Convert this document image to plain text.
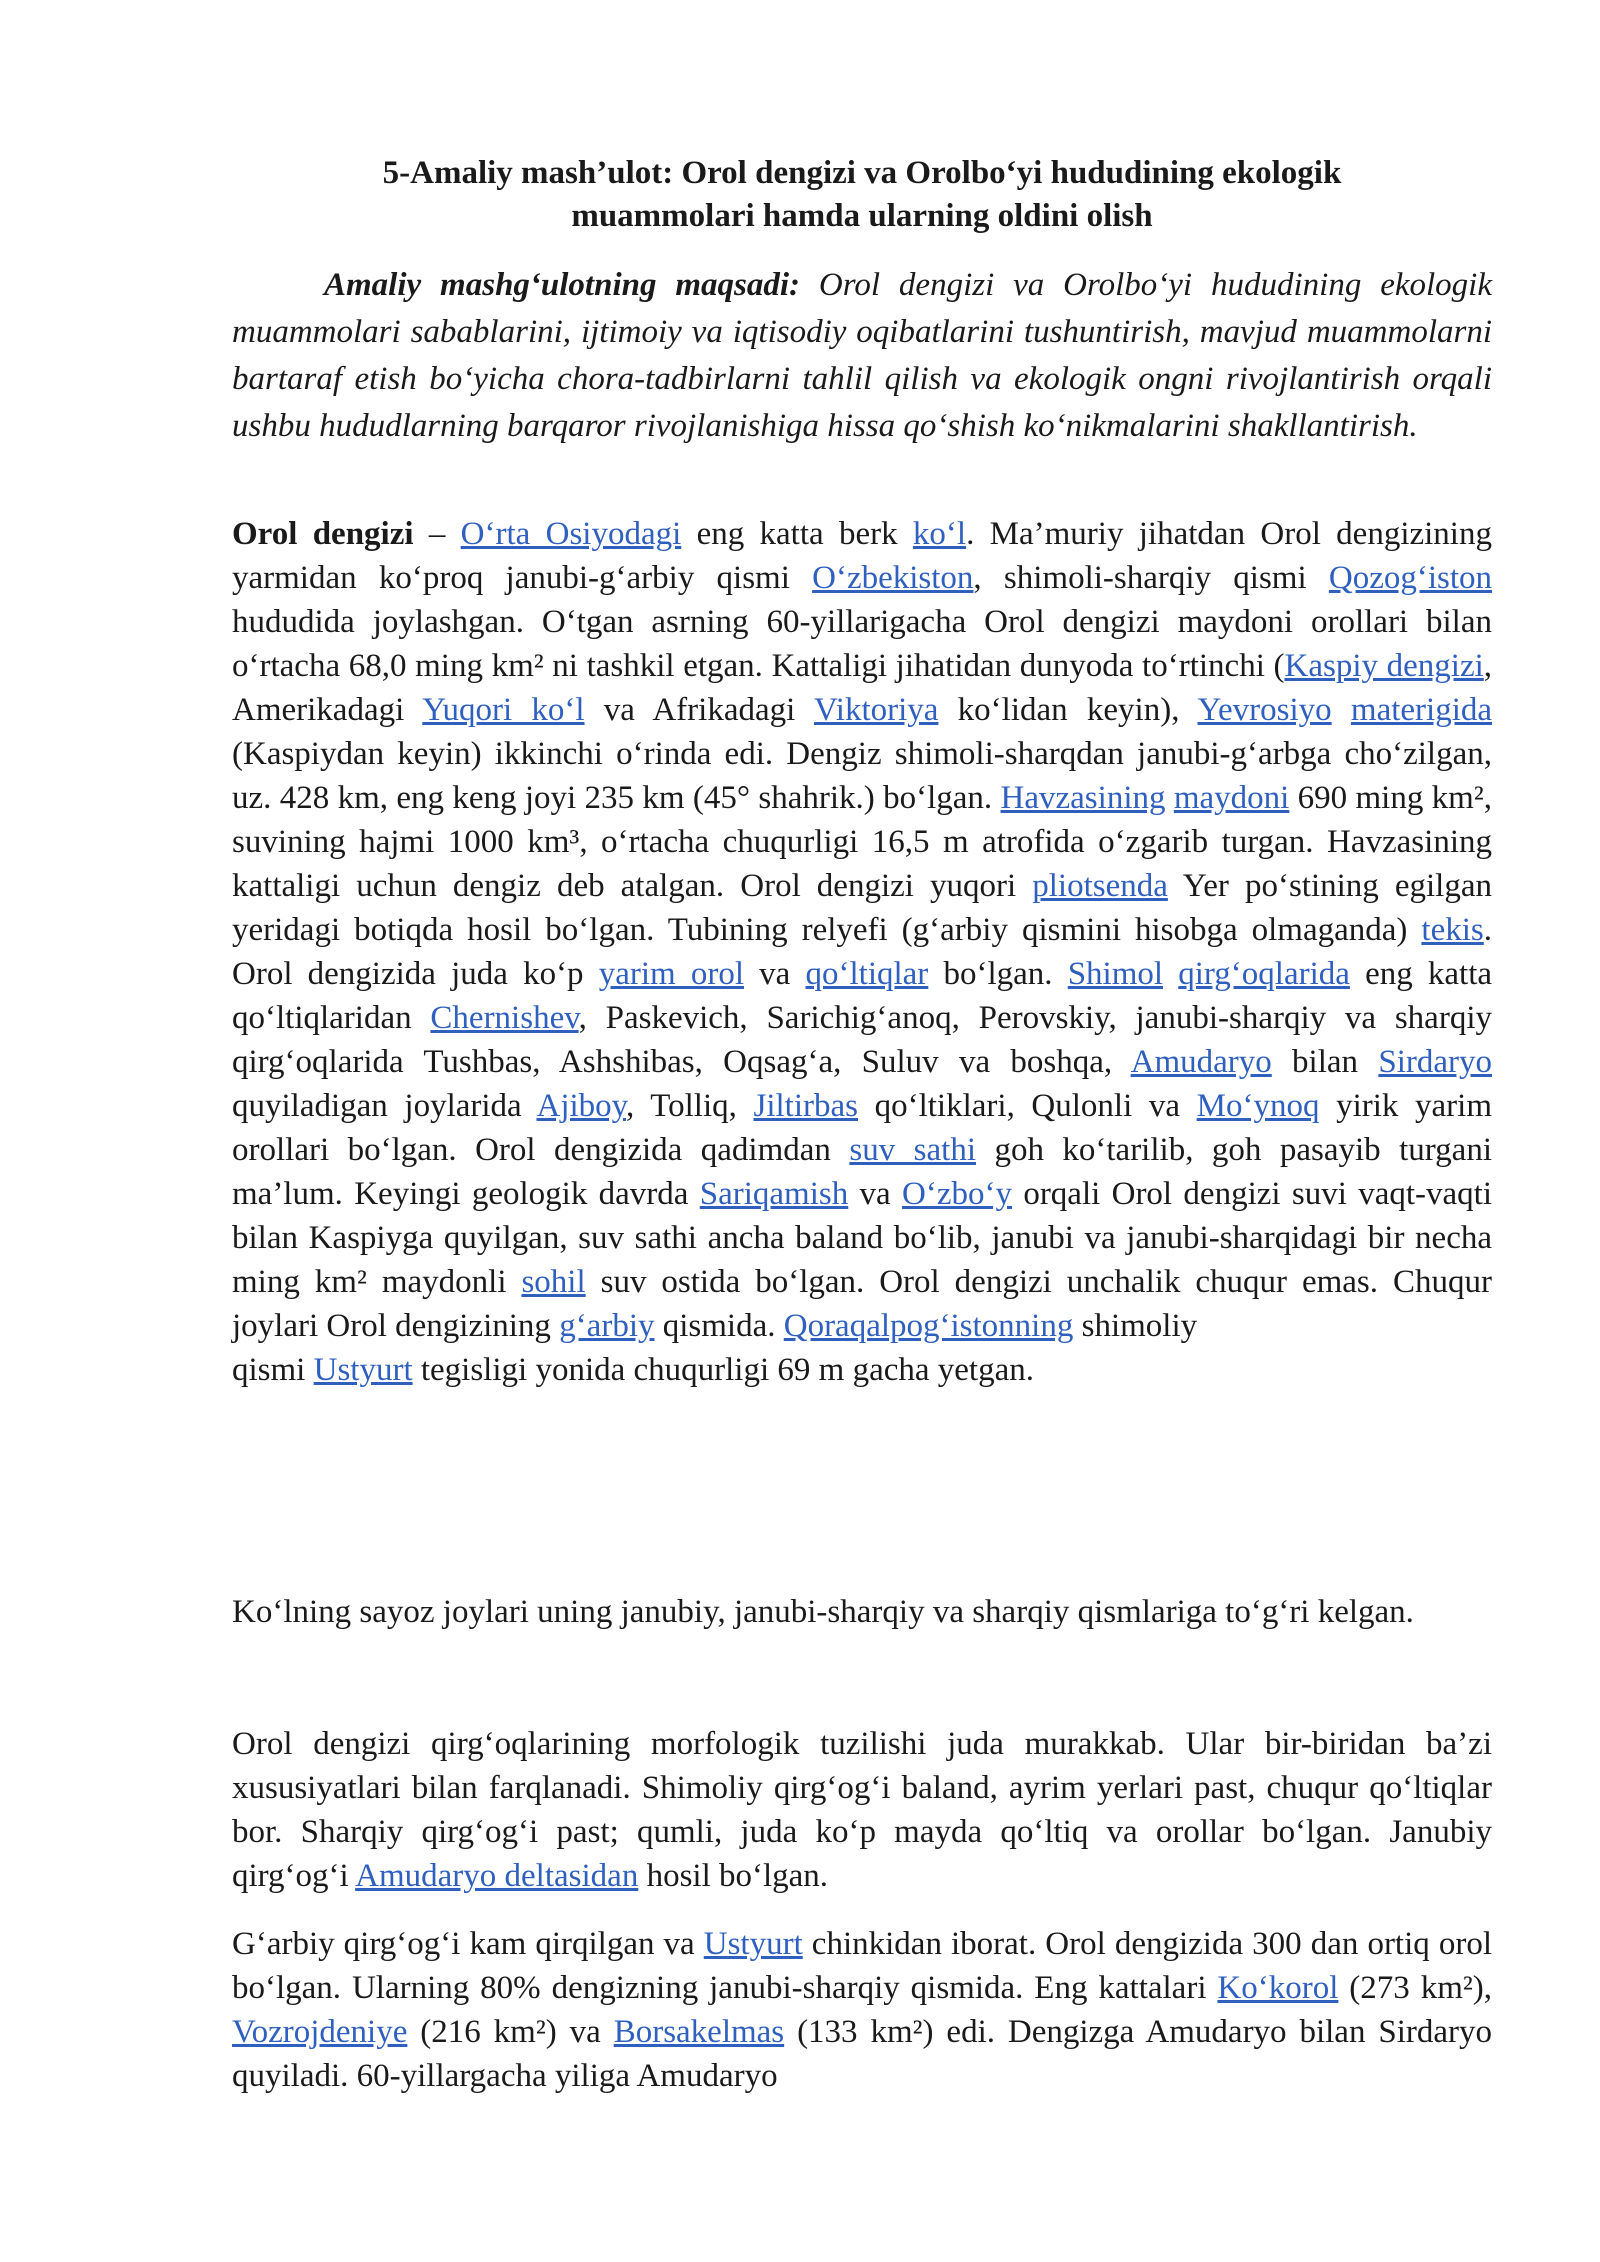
5-Amaliy mash’ulot: Orol dengizi va Orolbo‘yi hududining ekologik
muammolari hamda ularning oldini olish

Amaliy mashg‘ulotning maqsadi: Orol dengizi va Orolbo‘yi hududining ekologik muammolari sabablarini, ijtimoiy va iqtisodiy oqibatlarini tushuntirish, mavjud muammolarni bartaraf etish bo‘yicha chora-tadbirlarni tahlil qilish va ekologik ongni rivojlantirish orqali ushbu hududlarning barqaror rivojlanishiga hissa qo‘shish ko‘nikmalarini shakllantirish.

Orol dengizi – O‘rta Osiyodagi eng katta berk ko‘l. Ma’muriy jihatdan Orol dengizining yarmidan ko‘proq janubi-g‘arbiy qismi O‘zbekiston, shimoli-sharqiy qismi Qozog‘iston hududida joylashgan. O‘tgan asrning 60-yillarigacha Orol dengizi maydoni orollari bilan o‘rtacha 68,0 ming km² ni tashkil etgan. Kattaligi jihatidan dunyoda to‘rtinchi (Kaspiy dengizi, Amerikadagi Yuqori ko‘l va Afrikadagi Viktoriya ko‘lidan keyin), Yevrosiyo materigida (Kaspiydan keyin) ikkinchi o‘rinda edi. Dengiz shimoli-sharqdan janubi-g‘arbga cho‘zilgan, uz. 428 km, eng keng joyi 235 km (45° shahrik.) bo‘lgan. Havzasining maydoni 690 ming km², suvining hajmi 1000 km³, o‘rtacha chuqurligi 16,5 m atrofida o‘zgarib turgan. Havzasining kattaligi uchun dengiz deb atalgan. Orol dengizi yuqori pliotsenda Yer po‘stining egilgan yeridagi botiqda hosil bo‘lgan. Tubining relyefi (g‘arbiy qismini hisobga olmaganda) tekis. Orol dengizida juda ko‘p yarim orol va qo‘ltiqlar bo‘lgan. Shimol qirg‘oqlarida eng katta qo‘ltiqlaridan Chernishev, Paskevich, Sarichig‘anoq, Perovskiy, janubi-sharqiy va sharqiy qirg‘oqlarida Tushbas, Ashshibas, Oqsag‘a, Suluv va boshqa, Amudaryo bilan Sirdaryo quyiladigan joylarida Ajiboy, Tolliq, Jiltirbas qo‘ltiklari, Qulonli va Mo‘ynoq yirik yarim orollari bo‘lgan. Orol dengizida qadimdan suv sathi goh ko‘tarilib, goh pasayib turgani ma’lum. Keyingi geologik davrda Sariqamish va O‘zbo‘y orqali Orol dengizi suvi vaqt-vaqti bilan Kaspiyga quyilgan, suv sathi ancha baland bo‘lib, janubi va janubi-sharqidagi bir necha ming km² maydonli sohil suv ostida bo‘lgan. Orol dengizi unchalik chuqur emas. Chuqur joylari Orol dengizining g‘arbiy qismida. Qoraqalpog‘istonning shimoliy
qismi Ustyurt tegisligi yonida chuqurligi 69 m gacha yetgan.

Ko‘lning sayoz joylari uning janubiy, janubi-sharqiy va sharqiy qismlariga to‘g‘ri kelgan.

Orol dengizi qirg‘oqlarining morfologik tuzilishi juda murakkab. Ular bir-biridan ba’zi xususiyatlari bilan farqlanadi. Shimoliy qirg‘og‘i baland, ayrim yerlari past, chuqur qo‘ltiqlar bor. Sharqiy qirg‘og‘i past; qumli, juda ko‘p mayda qo‘ltiq va orollar bo‘lgan. Janubiy qirg‘og‘i Amudaryo deltasidan hosil bo‘lgan.

G‘arbiy qirg‘og‘i kam qirqilgan va Ustyurt chinkidan iborat. Orol dengizida 300 dan ortiq orol bo‘lgan. Ularning 80% dengizning janubi-sharqiy qismida. Eng kattalari Ko‘korol (273 km²), Vozrojdeniye (216 km²) va Borsakelmas (133 km²) edi. Dengizga Amudaryo bilan Sirdaryo quyiladi. 60-yillargacha yiliga Amudaryo
